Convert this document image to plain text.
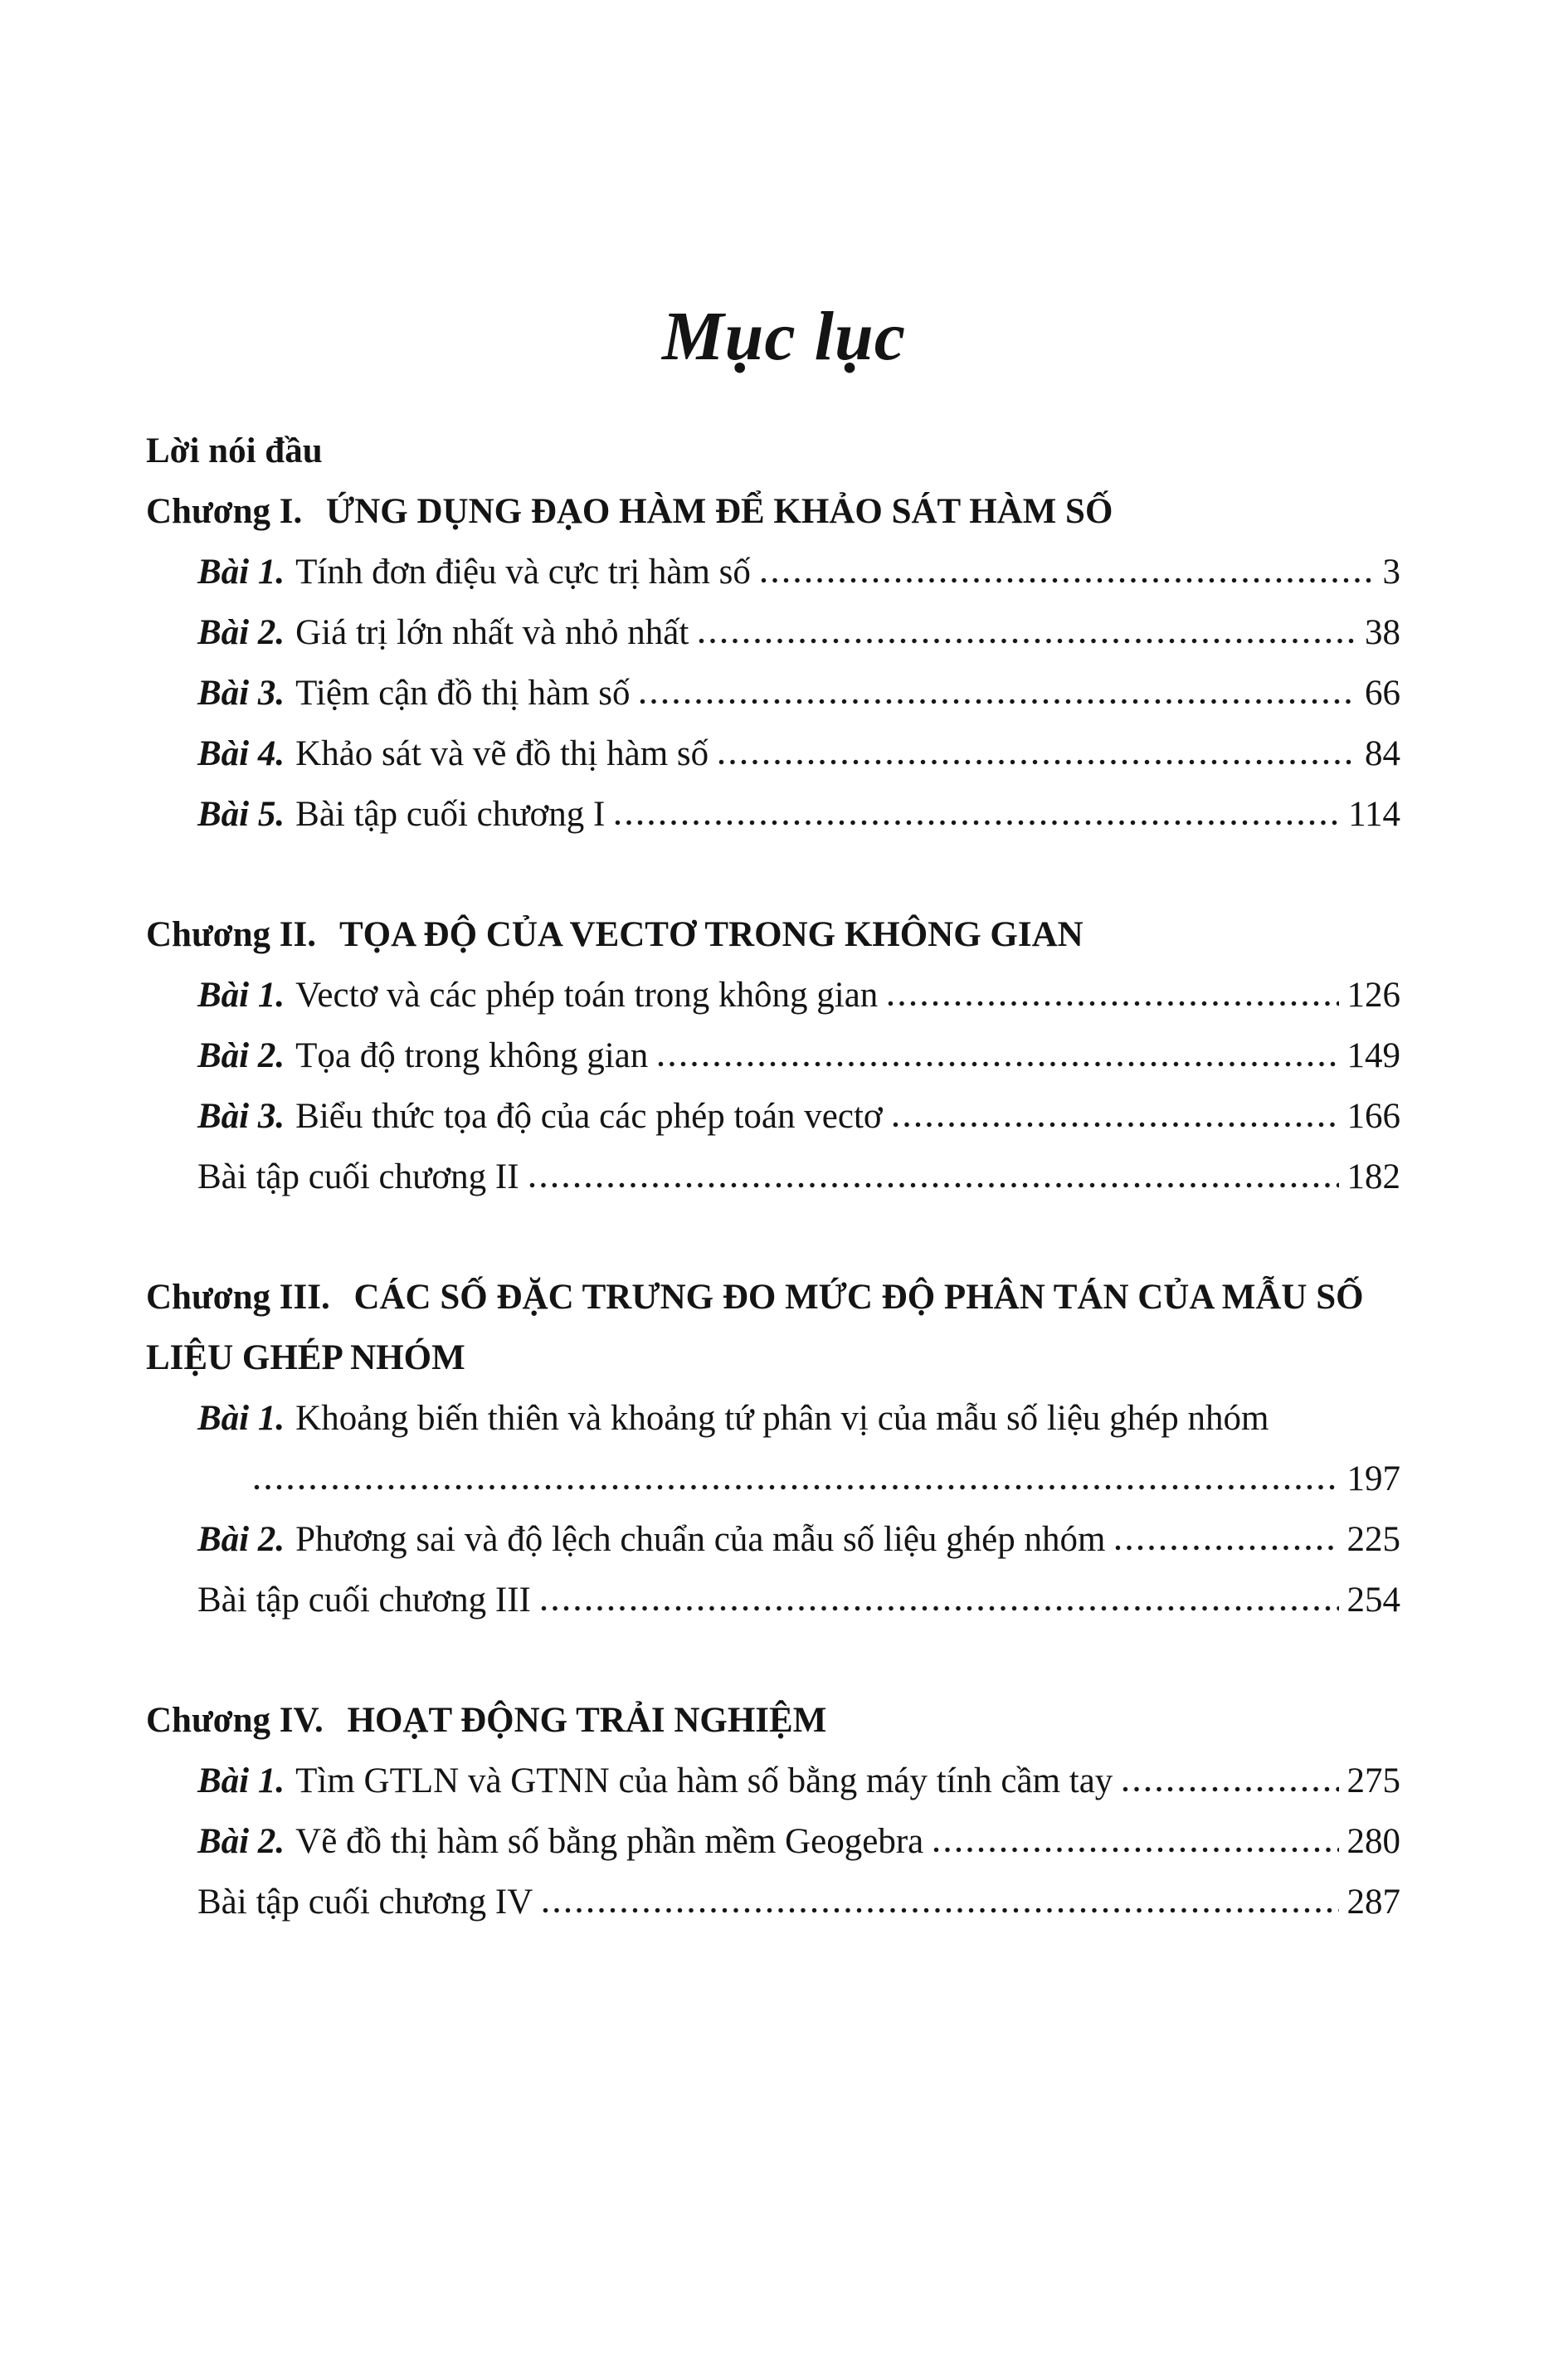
Mục lục
Lời nói đầu
Chương I. ỨNG DỤNG ĐẠO HÀM ĐỂ KHẢO SÁT HÀM SỐ
Bài 1. Tính đơn điệu và cực trị hàm số	3
Bài 2. Giá trị lớn nhất và nhỏ nhất	38
Bài 3. Tiệm cận đồ thị hàm số	66
Bài 4. Khảo sát và vẽ đồ thị hàm số	84
Bài 5. Bài tập cuối chương I	114
Chương II. TỌA ĐỘ CỦA VECTƠ TRONG KHÔNG GIAN
Bài 1. Vectơ và các phép toán trong không gian	126
Bài 2. Tọa độ trong không gian	149
Bài 3. Biểu thức tọa độ của các phép toán vectơ	166
Bài tập cuối chương II	182
Chương III. CÁC SỐ ĐẶC TRƯNG ĐO MỨC ĐỘ PHÂN TÁN CỦA MẪU SỐ LIỆU GHÉP NHÓM
Bài 1. Khoảng biến thiên và khoảng tứ phân vị của mẫu số liệu ghép nhóm
197
Bài 2. Phương sai và độ lệch chuẩn của mẫu số liệu ghép nhóm	225
Bài tập cuối chương III	254
Chương IV. HOẠT ĐỘNG TRẢI NGHIỆM
Bài 1. Tìm GTLN và GTNN của hàm số bằng máy tính cầm tay	275
Bài 2. Vẽ đồ thị hàm số bằng phần mềm Geogebra	280
Bài tập cuối chương IV	287
